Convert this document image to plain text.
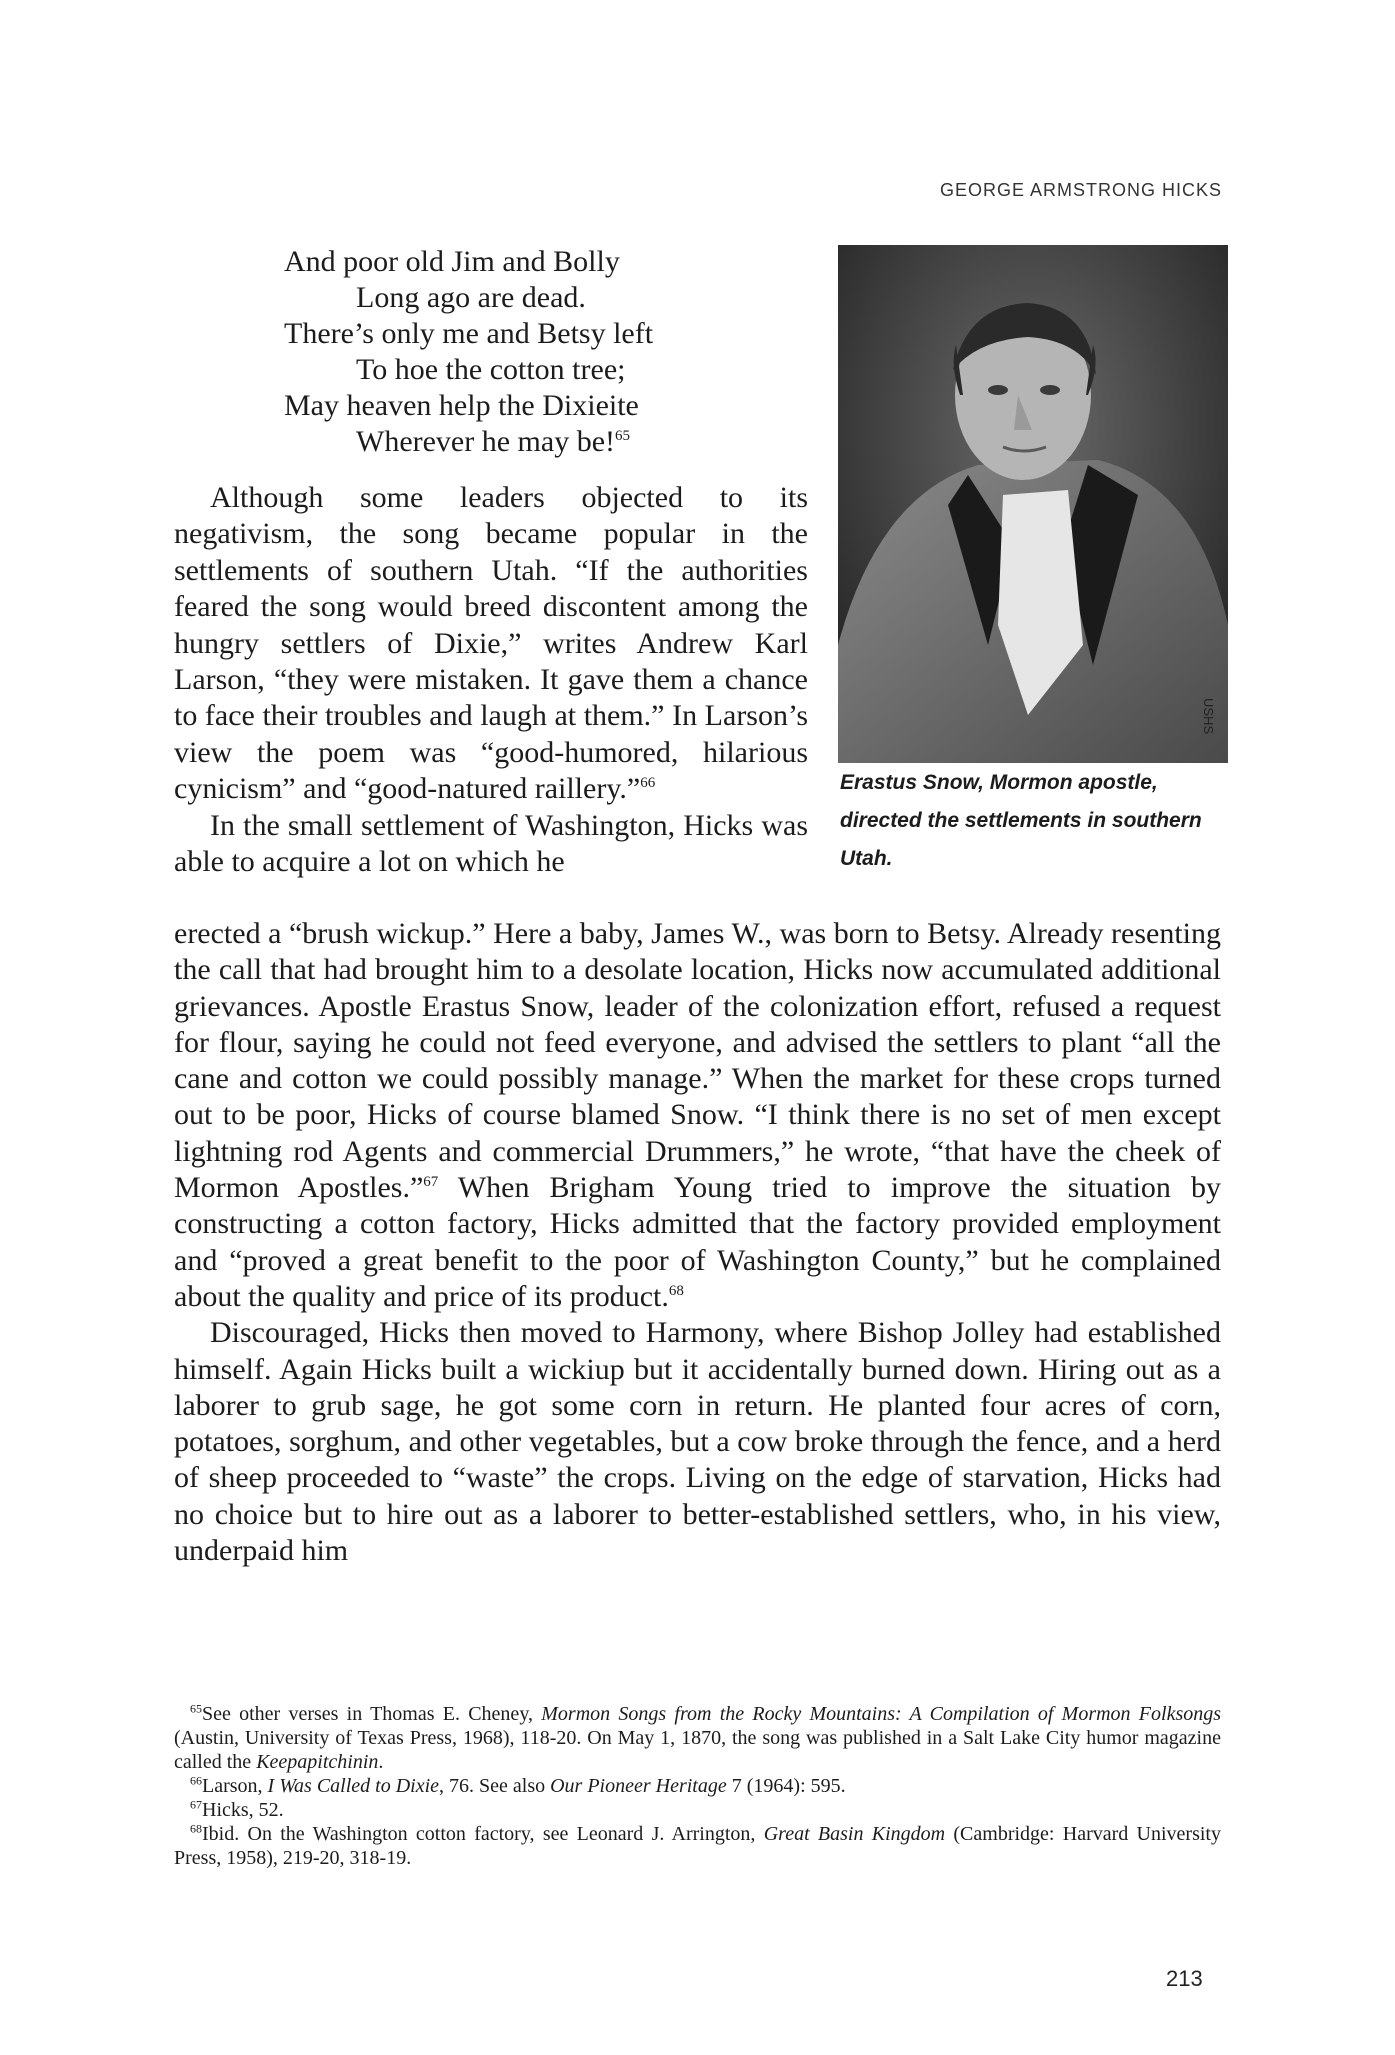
GEORGE ARMSTRONG HICKS
And poor old Jim and Bolly
Long ago are dead.
There’s only me and Betsy left
To hoe the cotton tree;
May heaven help the Dixieite
Wherever he may be!$^{65}$

Although some leaders objected to its negativism, the song became popular in the settlements of southern Utah. “If the authorities feared the song would breed discontent among the hungry settlers of Dixie,” writes Andrew Karl Larson, “they were mistaken. It gave them a chance to face their troubles and laugh at them.” In Larson’s view the poem was “good-humored, hilarious cynicism” and “good-natured raillery.”$^{66}$

In the small settlement of Washington, Hicks was able to acquire a lot on which he

erected a “brush wickup.” Here a baby, James W., was born to Betsy. Already resenting the call that had brought him to a desolate location, Hicks now accumulated additional grievances. Apostle Erastus Snow, leader of the colonization effort, refused a request for flour, saying he could not feed everyone, and advised the settlers to plant “all the cane and cotton we could possibly manage.” When the market for these crops turned out to be poor, Hicks of course blamed Snow. “I think there is no set of men except lightning rod Agents and commercial Drummers,” he wrote, “that have the cheek of Mormon Apostles.”$^{67}$ When Brigham Young tried to improve the situation by constructing a cotton factory, Hicks admitted that the factory provided employment and “proved a great benefit to the poor of Washington County,” but he complained about the quality and price of its product.$^{68}$

Discouraged, Hicks then moved to Harmony, where Bishop Jolley had established himself. Again Hicks built a wickiup but it accidentally burned down. Hiring out as a laborer to grub sage, he got some corn in return. He planted four acres of corn, potatoes, sorghum, and other vegetables, but a cow broke through the fence, and a herd of sheep proceeded to “waste” the crops. Living on the edge of starvation, Hicks had no choice but to hire out as a laborer to better-established settlers, who, in his view, underpaid him

USHS
Erastus Snow, Mormon apostle, directed the settlements in southern Utah.

$^{65}$See other verses in Thomas E. Cheney, Mormon Songs from the Rocky Mountains: A Compilation of Mormon Folksongs (Austin, University of Texas Press, 1968), 118-20. On May 1, 1870, the song was published in a Salt Lake City humor magazine called the Keepapitchinin.

$^{66}$Larson, I Was Called to Dixie, 76. See also Our Pioneer Heritage 7 (1964): 595.

$^{67}$Hicks, 52.

$^{68}$Ibid. On the Washington cotton factory, see Leonard J. Arrington, Great Basin Kingdom (Cambridge: Harvard University Press, 1958), 219-20, 318-19.

213
